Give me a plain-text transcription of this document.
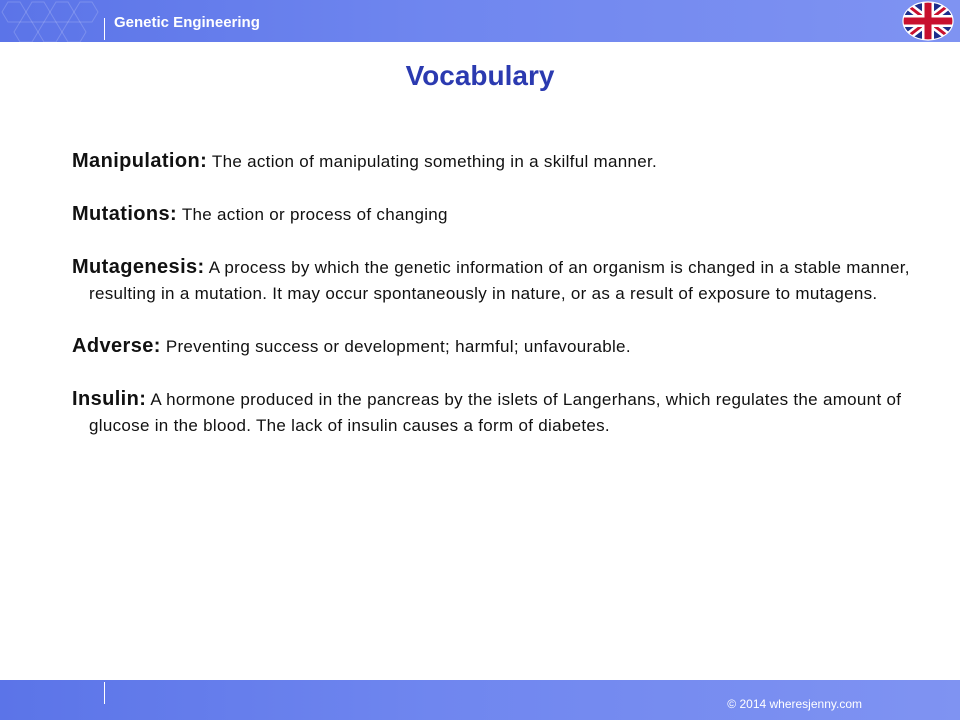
Genetic Engineering
Vocabulary
Manipulation: The action of manipulating something in a skilful manner.
Mutations: The action or process of changing
Mutagenesis: A process by which the genetic information of an organism is changed in a stable manner, resulting in a mutation. It may occur spontaneously in nature, or as a result of exposure to mutagens.
Adverse: Preventing success or development; harmful; unfavourable.
Insulin: A hormone produced in the pancreas by the islets of Langerhans, which regulates the amount of glucose in the blood. The lack of insulin causes a form of diabetes.
© 2014 wheresjenny.com
